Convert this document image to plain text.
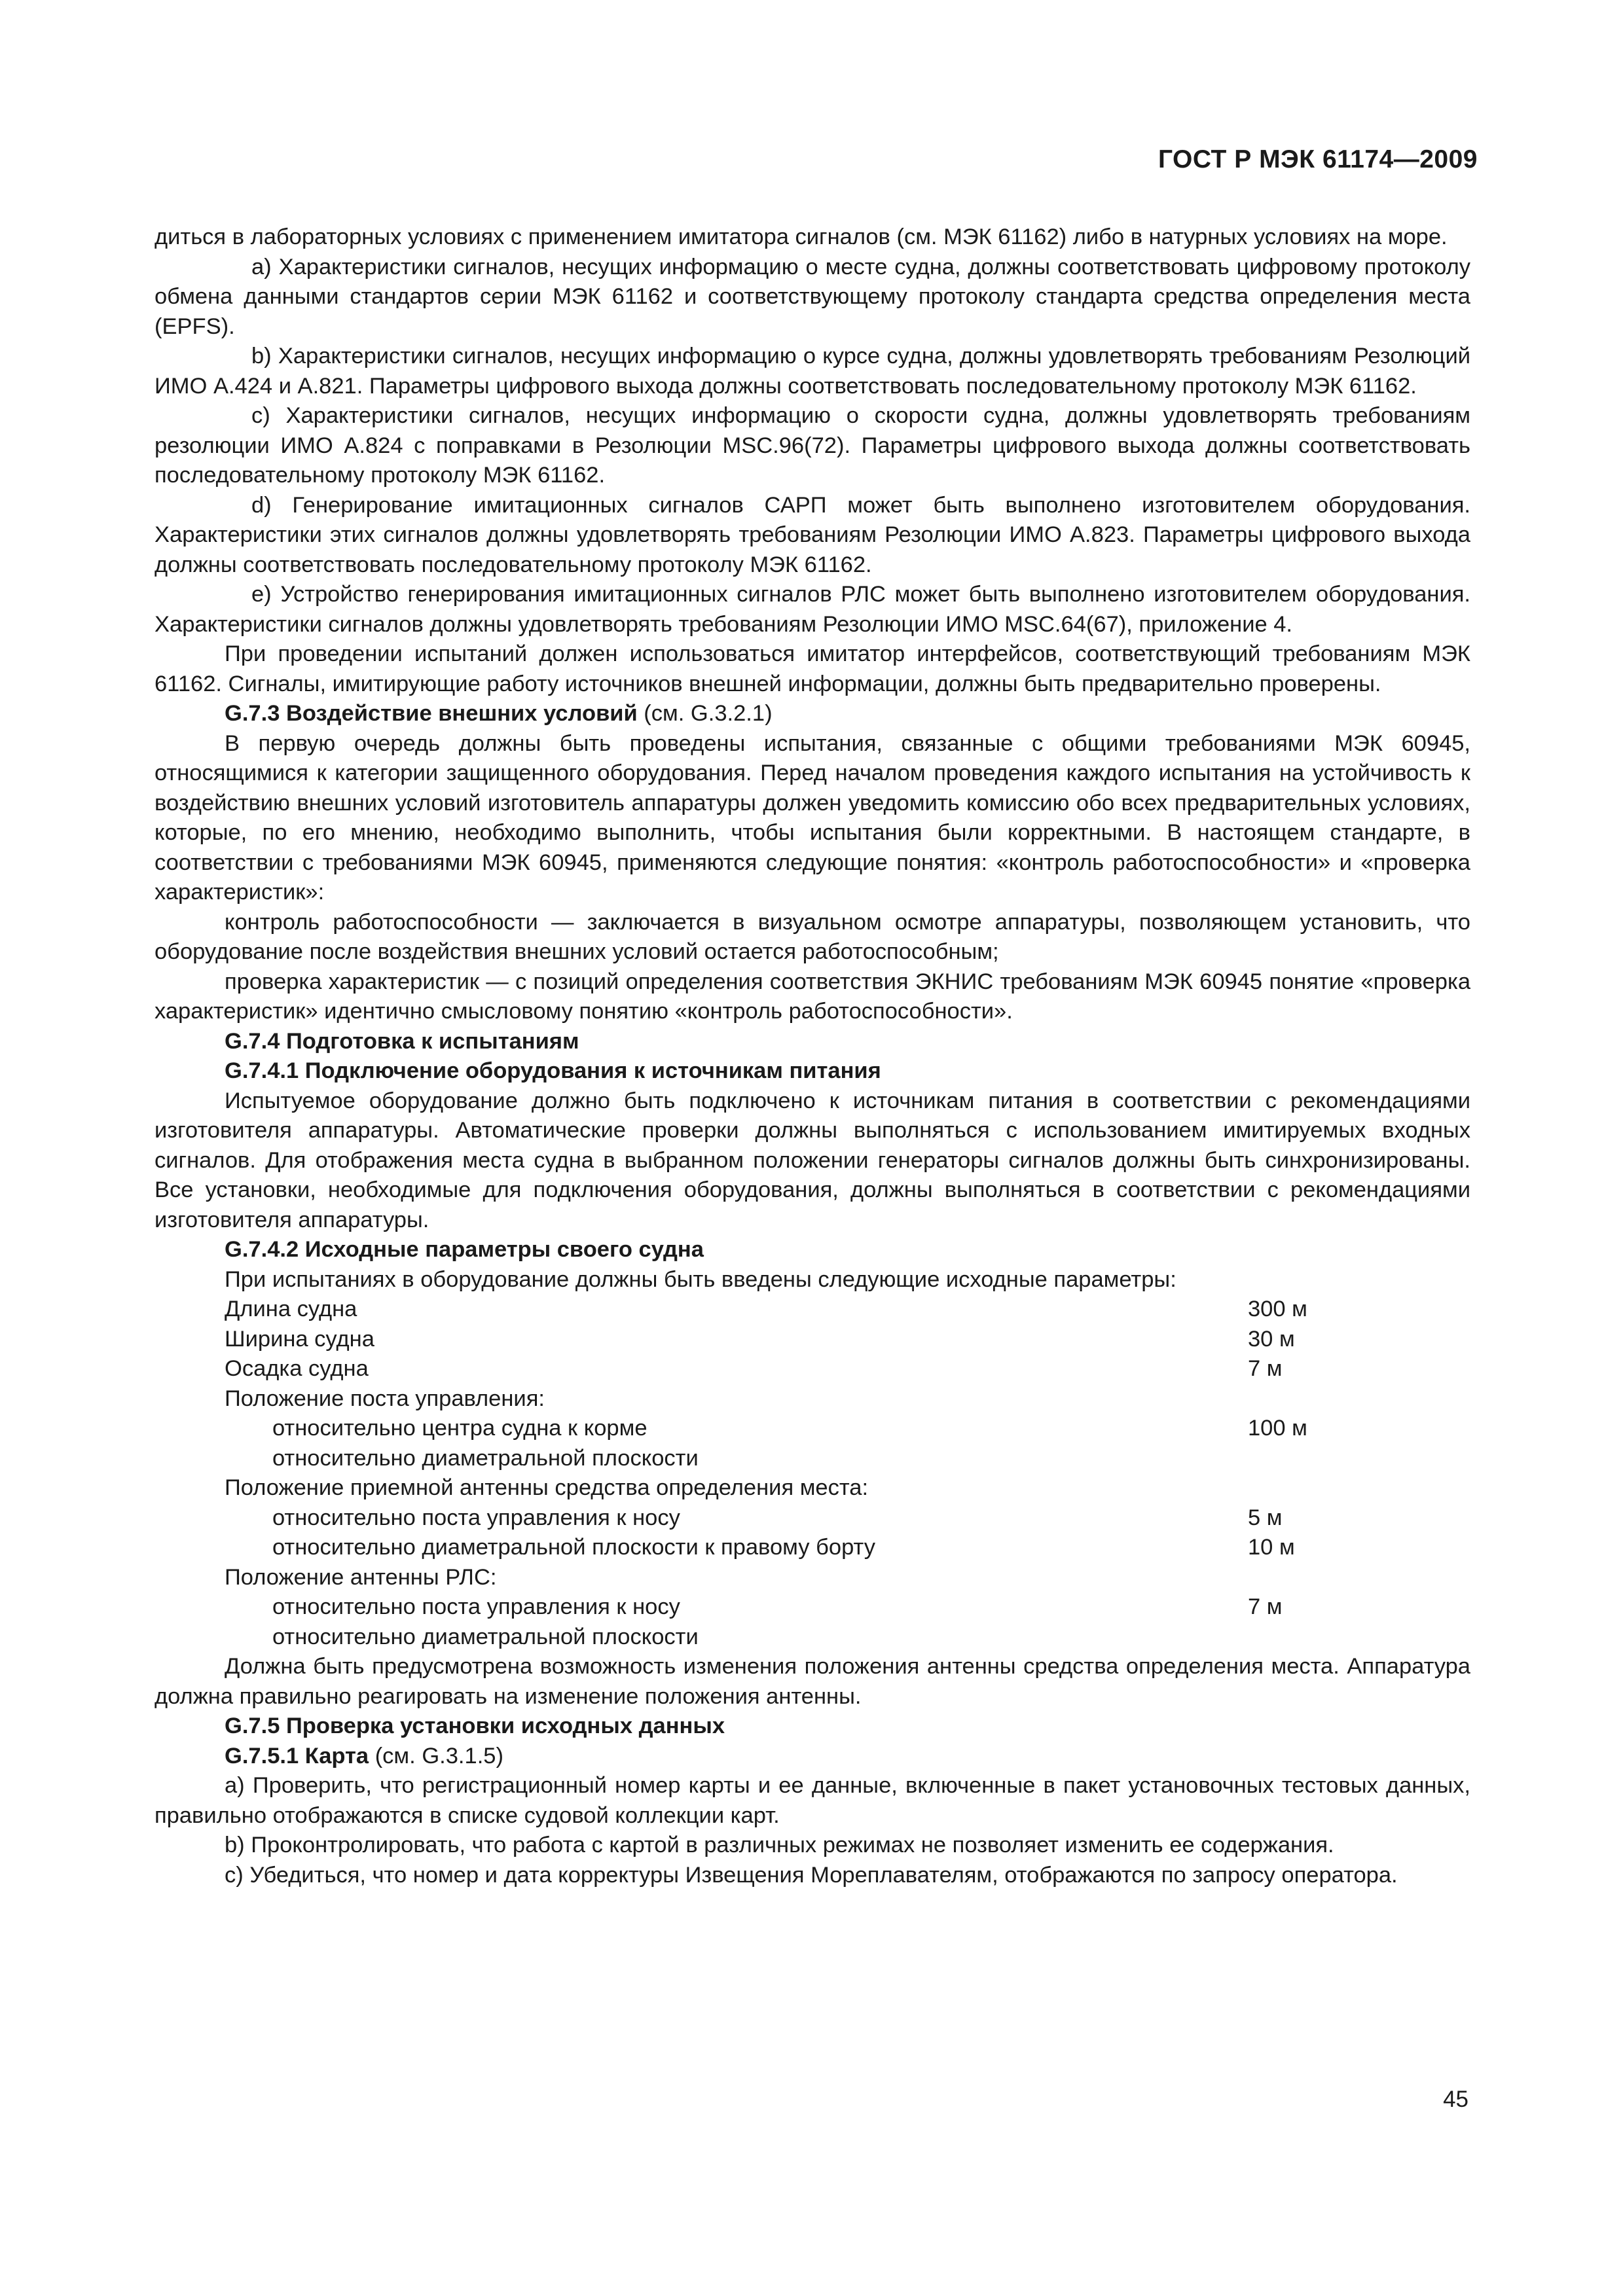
ГОСТ Р МЭК 61174—2009

диться в лабораторных условиях с применением имитатора сигналов (см. МЭК 61162) либо в натурных условиях на море.

а) Характеристики сигналов, несущих информацию о месте судна, должны соответствовать цифровому протоколу обмена данными стандартов серии МЭК 61162 и соответствующему протоколу стандарта средства определения места (EPFS).

b) Характеристики сигналов, несущих информацию о курсе судна, должны удовлетворять требованиям Резолюций ИМО А.424 и А.821. Параметры цифрового выхода должны соответствовать последовательному протоколу МЭК 61162.

с) Характеристики сигналов, несущих информацию о скорости судна, должны удовлетворять требованиям резолюции ИМО А.824 с поправками в Резолюции MSC.96(72). Параметры цифрового выхода должны соответствовать последовательному протоколу МЭК 61162.

d) Генерирование имитационных сигналов САРП может быть выполнено изготовителем оборудования. Характеристики этих сигналов должны удовлетворять требованиям Резолюции ИМО А.823. Параметры цифрового выхода должны соответствовать последовательному протоколу МЭК 61162.

е) Устройство генерирования имитационных сигналов РЛС может быть выполнено изготовителем оборудования. Характеристики сигналов должны удовлетворять требованиям Резолюции ИМО MSC.64(67), приложение 4.

При проведении испытаний должен использоваться имитатор интерфейсов, соответствующий требованиям МЭК 61162. Сигналы, имитирующие работу источников внешней информации, должны быть предварительно проверены.

G.7.3 Воздействие внешних условий (см. G.3.2.1)

В первую очередь должны быть проведены испытания, связанные с общими требованиями МЭК 60945, относящимися к категории защищенного оборудования. Перед началом проведения каждого испытания на устойчивость к воздействию внешних условий изготовитель аппаратуры должен уведомить комиссию обо всех предварительных условиях, которые, по его мнению, необходимо выполнить, чтобы испытания были корректными. В настоящем стандарте, в соответствии с требованиями МЭК 60945, применяются следующие понятия: «контроль работоспособности» и «проверка характеристик»:

контроль работоспособности — заключается в визуальном осмотре аппаратуры, позволяющем установить, что оборудование после воздействия внешних условий остается работоспособным;

проверка характеристик — с позиций определения соответствия ЭКНИС требованиям МЭК 60945 понятие «проверка характеристик» идентично смысловому понятию «контроль работоспособности».

G.7.4 Подготовка к испытаниям

G.7.4.1 Подключение оборудования к источникам питания

Испытуемое оборудование должно быть подключено к источникам питания в соответствии с рекомендациями изготовителя аппаратуры. Автоматические проверки должны выполняться с использованием имитируемых входных сигналов. Для отображения места судна в выбранном положении генераторы сигналов должны быть синхронизированы. Все установки, необходимые для подключения оборудования, должны выполняться в соответствии с рекомендациями изготовителя аппаратуры.

G.7.4.2 Исходные параметры своего судна

При испытаниях в оборудование должны быть введены следующие исходные параметры:

Длина судна	300 м
Ширина судна	30 м
Осадка судна	7 м
Положение поста управления:
относительно центра судна к корме	100 м
относительно диаметральной плоскости
Положение приемной антенны средства определения места:
относительно поста управления к носу	5 м
относительно диаметральной плоскости к правому борту	10 м
Положение антенны РЛС:
относительно поста управления к носу	7 м
относительно диаметральной плоскости

Должна быть предусмотрена возможность изменения положения антенны средства определения места. Аппаратура должна правильно реагировать на изменение положения антенны.

G.7.5 Проверка установки исходных данных

G.7.5.1 Карта (см. G.3.1.5)

а) Проверить, что регистрационный номер карты и ее данные, включенные в пакет установочных тестовых данных, правильно отображаются в списке судовой коллекции карт.

b) Проконтролировать, что работа с картой в различных режимах не позволяет изменить ее содержания.

с) Убедиться, что номер и дата корректуры Извещения Мореплавателям, отображаются по запросу оператора.

45
